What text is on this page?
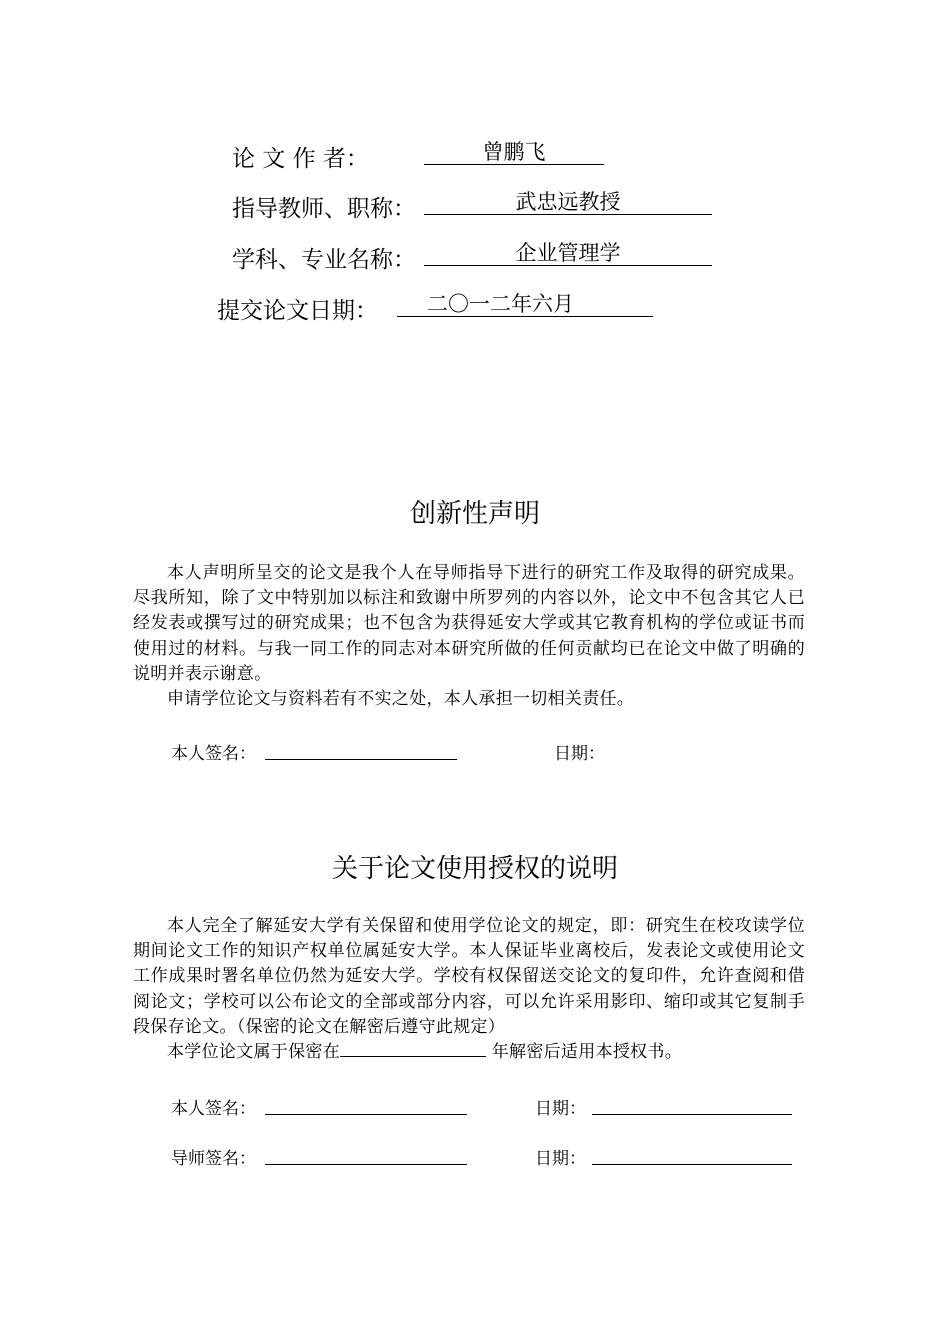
论 文 作 者：	曾鹏飞
指导教师、职称：	武忠远教授
学科、专业名称：	企业管理学
提交论文日期：	二〇一二年六月
创新性声明

本人声明所呈交的论文是我个人在导师指导下进行的研究工作及取得的研究成果。尽我所知，除了文中特别加以标注和致谢中所罗列的内容以外，论文中不包含其它人已经发表或撰写过的研究成果；也不包含为获得延安大学或其它教育机构的学位或证书而使用过的材料。与我一同工作的同志对本研究所做的任何贡献均已在论文中做了明确的说明并表示谢意。

申请学位论文与资料若有不实之处，本人承担一切相关责任。

本人签名：	日期：
关于论文使用授权的说明

本人完全了解延安大学有关保留和使用学位论文的规定，即：研究生在校攻读学位期间论文工作的知识产权单位属延安大学。本人保证毕业离校后，发表论文或使用论文工作成果时署名单位仍然为延安大学。学校有权保留送交论文的复印件，允许查阅和借阅论文；学校可以公布论文的全部或部分内容，可以允许采用影印、缩印或其它复制手段保存论文。（保密的论文在解密后遵守此规定）

本学位论文属于保密在	年解密后适用本授权书。

本人签名：	日期：
导师签名：	日期：
